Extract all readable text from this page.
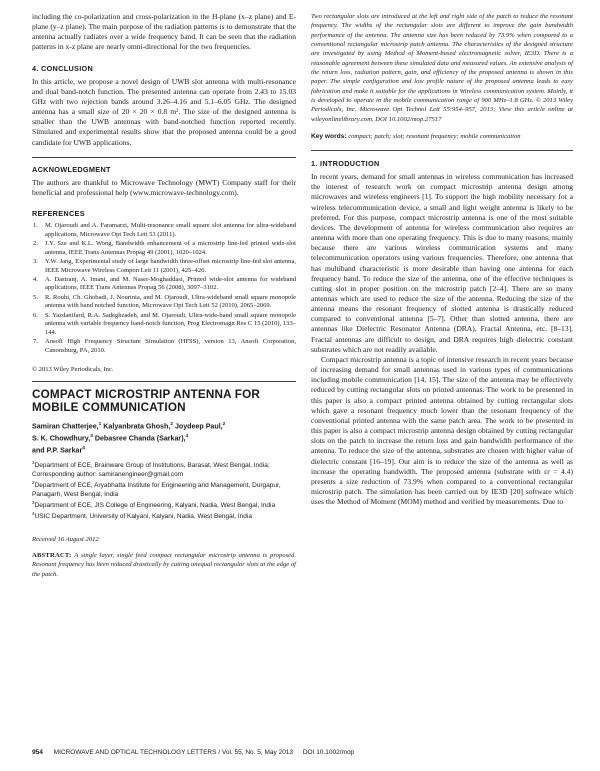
including the co-polarization and cross-polarization in the H-plane (x–z plane) and E-plane (y–z plane). The main purpose of the radiation patterns is to demonstrate that the antenna actually radiates over a wide frequency band. It can be seen that the radiation patterns in x-z plane are nearly omni-directional for the two frequencies.

4. CONCLUSION

In this article, we propose a novel design of UWB slot antenna with multi-resonance and dual band-notch function. The presented antenna can operate from 2.43 to 15.03 GHz with two rejection bands around 3.26–4.16 and 5.1–6.05 GHz. The designed antenna has a small size of 20 × 20 × 0.8 m². The size of the designed antenna is smaller than the UWB antennas with band-notched function reported recently. Simulated and experimental results show that the proposed antenna could be a good candidate for UWB applications.

ACKNOWLEDGMENT

The authors are thankful to Microwave Technology (MWT) Company staff for their beneficial and professional help (www.microwave-technology.com).

REFERENCES
1. M. Ojaroudi and A. Faramarzi, Multi-resonance small square slot antenna for ultra-wideband applications, Microwave Opt Tech Lett 53 (2011).
2. J.Y. Sze and K.L. Wong, Bandwidth enhancement of a microstrip line-fed printed wide-slot antenna, IEEE Trans Antennas Propag 49 (2001), 1020–1024.
3. Y.W. Jang, Experimental study of large bandwidth three-offset microstrip line-fed slot antenna, IEEE Microwave Wireless Compon Lett 11 (2001), 425–426.
4. A. Dastranj, A. Imani, and M. Naser-Moghaddasi, Printed wide-slot antenna for wideband applications, IEEE Trans Antennas Propag 56 (2008), 3097–3102.
5. R. Rouhi, Ch. Ghobadi, J. Nourinia, and M. Ojaroudi, Ultra-wideband small square monopole antenna with band notched function, Microwave Opt Tech Lett 52 (2010), 2065–2069.
6. S. Yazdanifard, R.A. Sadeghzadeh, and M. Ojaroudi, Ultra-wide-band small square monopole antenna with variable frequency band-notch function, Prog Electromagn Res C 15 (2010), 133–144.
7. Ansoft High Frequency Structure Simulation (HFSS), version 13, Ansoft Corporation, Canonsburg, PA, 2010.
© 2013 Wiley Periodicals, Inc.
COMPACT MICROSTRIP ANTENNA FOR MOBILE COMMUNICATION
Samiran Chatterjee,$^1$ Kalyanbrata Ghosh,$^2$ Joydeep Paul,$^2$
S. K. Chowdhury,$^3$ Debasree Chanda (Sarkar),$^4$
and P.P. Sarkar$^4$
$^1$Department of ECE, Brainware Group of Institutions, Barasat, West Bengal, India; Corresponding author: samiranengineer@gmail.com
$^2$Department of ECE, Aryabhatta Institute for Engineering and Management, Durgapur, Panagarh, West Bengal, India
$^3$Department of ECE, JIS College of Engineering, Kalyani, Nadia, West Bengal, India
$^4$USIC Department, University of Kalyani, Kalyani, Nadia, West Bengal, India
Received 16 August 2012
ABSTRACT: A single layer, single feed compact rectangular microstrip antenna is proposed. Resonant frequency has been reduced drastically by cutting unequal rectangular slots at the edge of the patch.
Two rectangular slots are introduced at the left and right side of the patch to reduce the resonant frequency. The widths of the rectangular slots are different to improve the gain bandwidth performance of the antenna. The antenna size has been reduced by 73.9% when compared to a conventional rectangular microstrip patch antenna. The characteristics of the designed structure are investigated by using Method of Moment-based electromagnetic solver, IE3D. There is a reasonable agreement between these simulated data and measured values. An extensive analysis of the return loss, radiation pattern, gain, and efficiency of the proposed antenna is shown in this paper. The simple configuration and low profile nature of the proposed antenna leads to easy fabrication and make it suitable for the applications in Wireless communication system. Mainly, it is developed to operate in the mobile communication range of 900 MHz–1.8 GHz. © 2013 Wiley Periodicals, Inc. Microwave Opt Technol Lett 55:954–957, 2013; View this article online at wileyonlinelibrary.com. DOI 10.1002/mop.27517
Key words: compact; patch; slot; resonant frequency; mobile communication
1. INTRODUCTION

In recent years, demand for small antennas in wireless communication has increased the interest of research work on compact microstrip antenna design among microwaves and wireless engineers [1]. To support the high mobility necessary for a wireless telecommunication device, a small and light weight antenna is likely to be preferred. For this purpose, compact microstrip antenna is one of the most suitable devices. The development of antenna for wireless communication also requires an antenna with more than one operating frequency. This is due to many reasons, mainly because there are various wireless communication systems and many telecommunication operators using various frequencies. Therefore, one antenna that has multiband characteristic is more desirable than having one antenna for each frequency band. To reduce the size of the antenna, one of the effective techniques is cutting slot in proper position on the microstrip patch [2–4]. There are so many antennas which are used to reduce the size of the antenna. Reducing the size of the antenna means the resonant frequency of slotted antenna is drastically reduced compared to conventional antenna [5–7]. Other than slotted antenna, there are antennas like Dielectric Resonator Antenna (DRA), Fractal Antenna, etc. [8–13]. Fractal antennas are difficult to design, and DRA requires high dielectric constant substrates which are not readily available.

Compact microstrip antenna is a topic of intensive research in recent years because of increasing demand for small antennas used in various types of communications including mobile communication [14, 15]. The size of the antenna may be effectively reduced by cutting rectangular slots on printed antennas. The work to be presented in this paper is also a compact printed antenna obtained by cutting rectangular slots which gave a resonant frequency much lower than the resonant frequency of the conventional printed antenna with the same patch area. The work to be presented in this paper is also a compact microstrip antenna design obtained by cutting rectangular slots on the patch to increase the return loss and gain bandwidth performance of the antenna. To reduce the size of the antenna, substrates are chosen with higher value of dielectric constant [16–19]. Our aim is to reduce the size of the antenna as well as increase the operating bandwidth. The proposed antenna (substrate with εr = 4.4) presents a size reduction of 73.9% when compared to a conventional rectangular microstrip patch. The simulation has been carried out by IE3D [20] software which uses the Method of Moment (MOM) method and verified by measurements. Due to

954 MICROWAVE AND OPTICAL TECHNOLOGY LETTERS / Vol. 55, No. 5, May 2013 DOI 10.1002/mop
